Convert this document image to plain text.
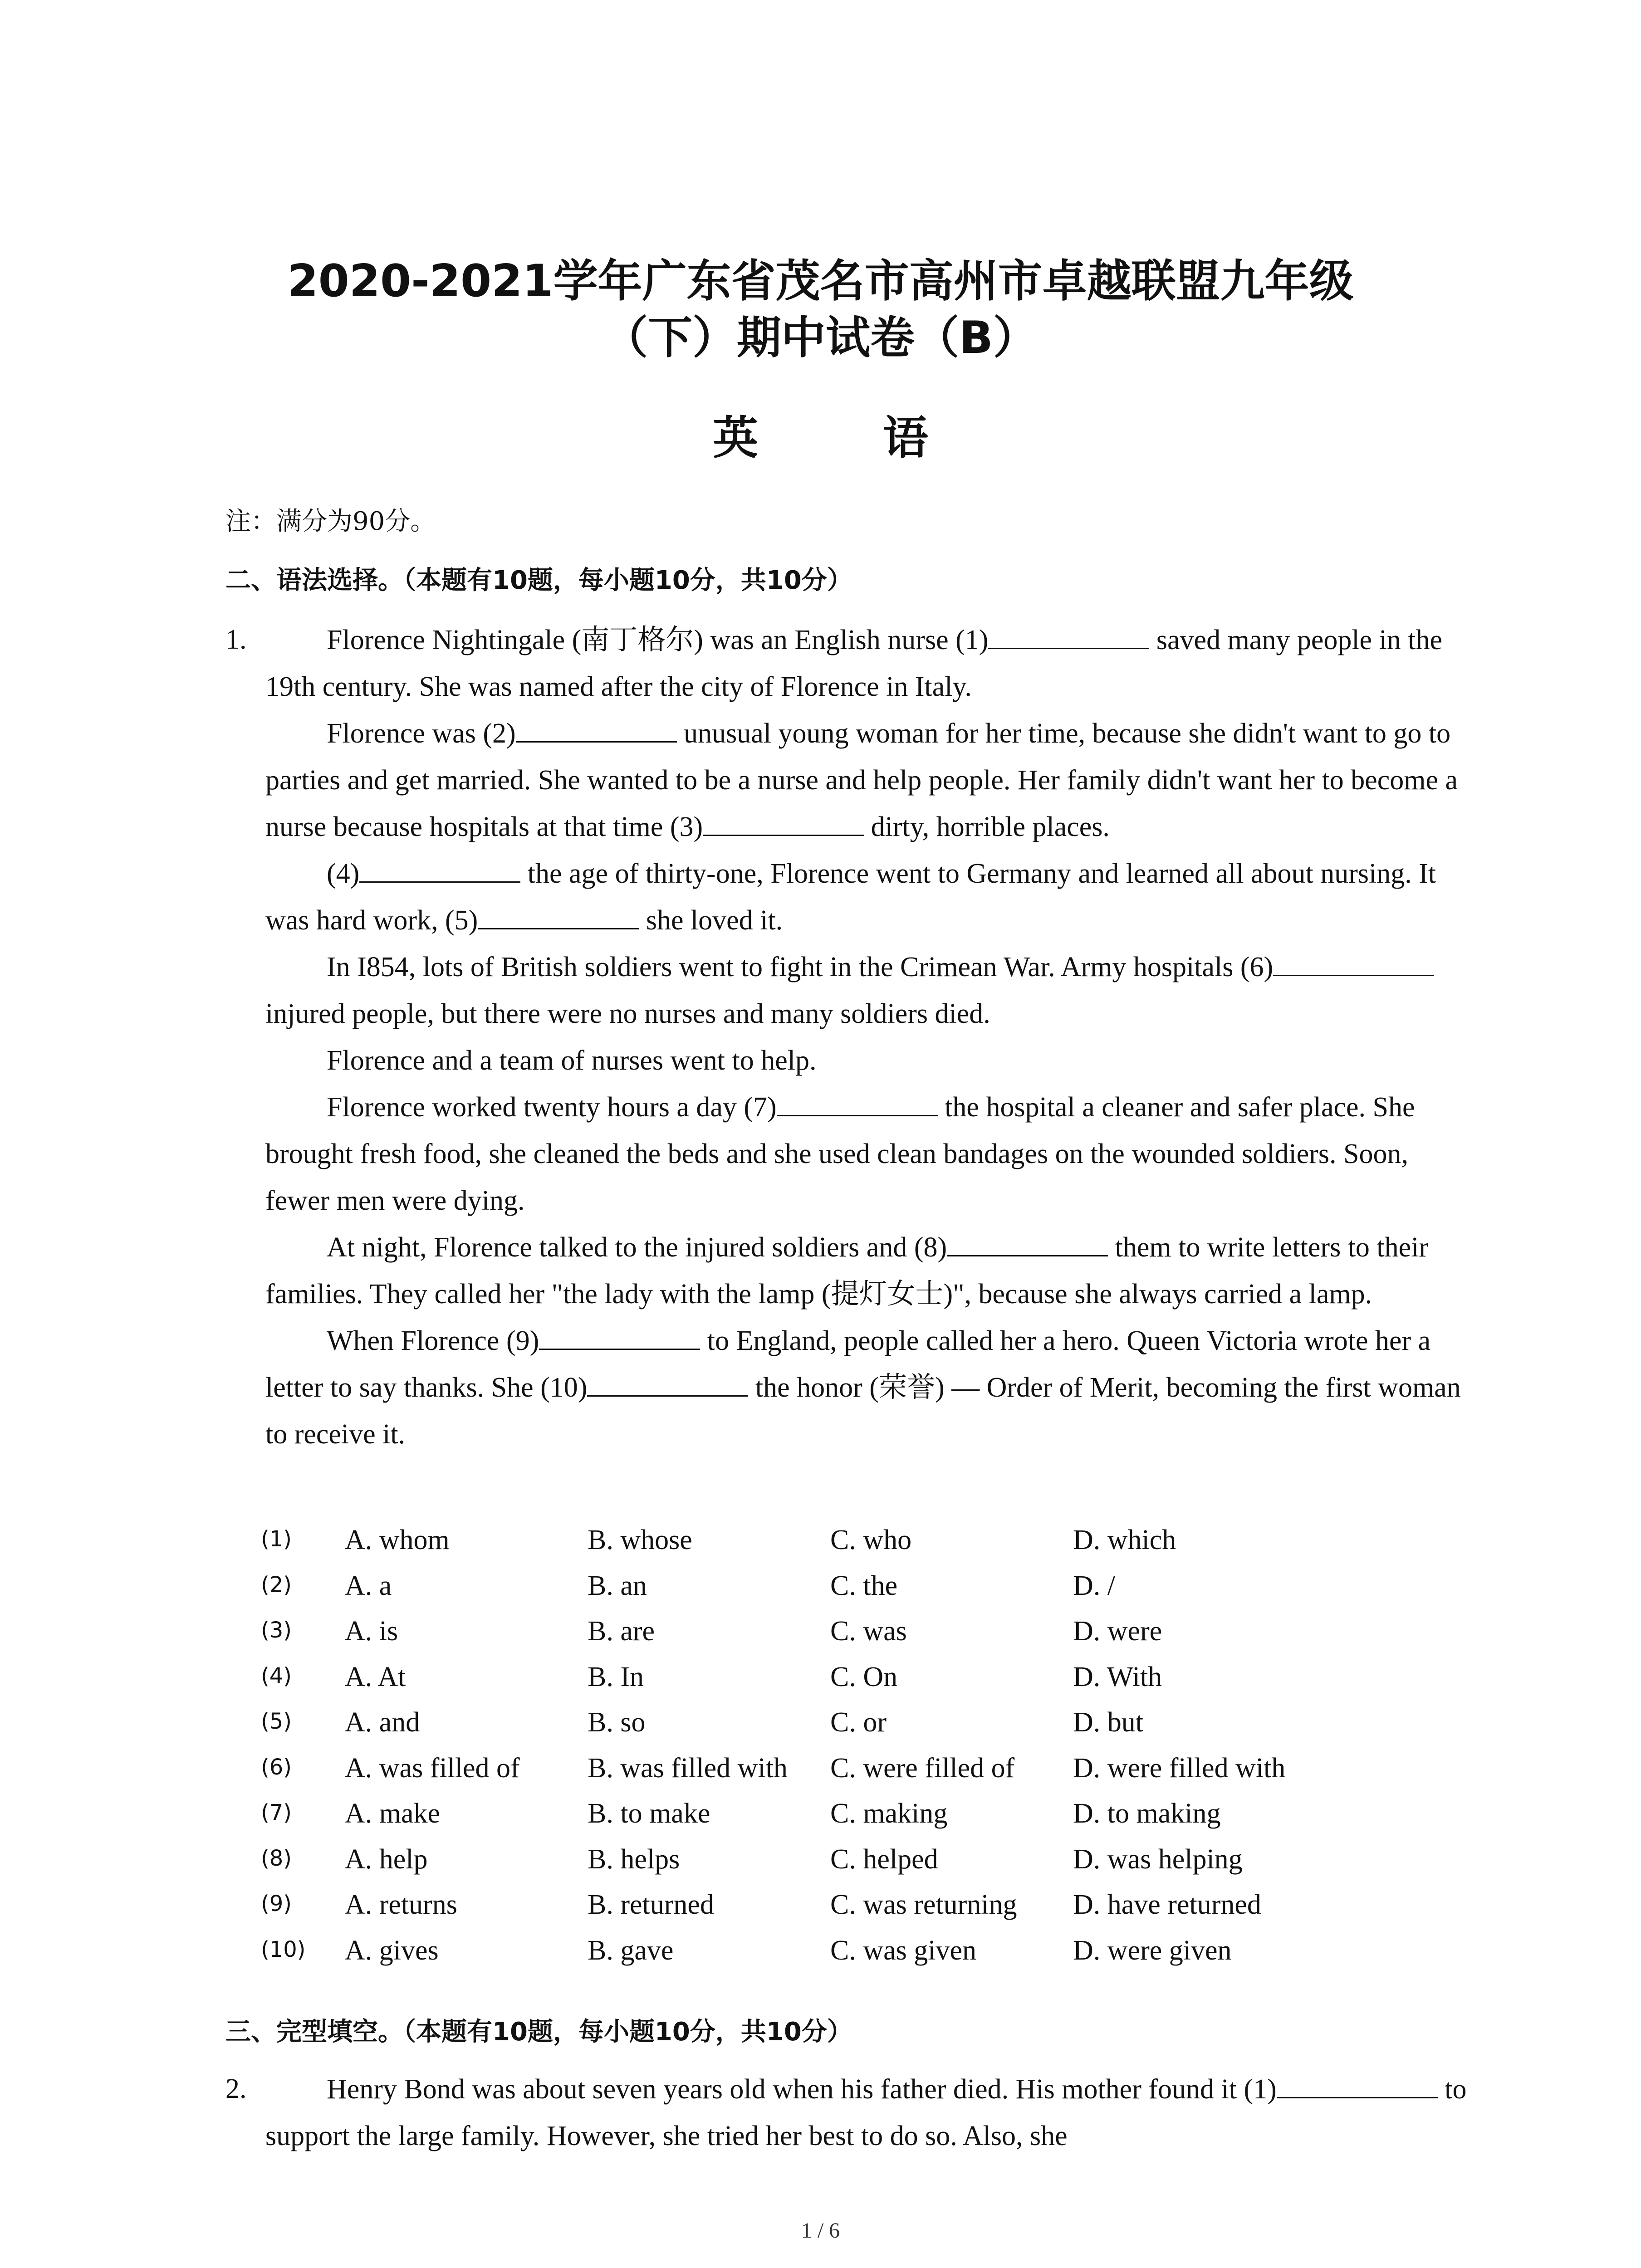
2020-2021学年广东省茂名市高州市卓越联盟九年级
（下）期中试卷（B）
英 语
注：满分为90分。
二、语法选择。（本题有10题，每小题10分，共10分）
1.	Florence Nightingale (南丁格尔) was an English nurse (1)	saved many people in the 19th century. She was named after the city of Florence in Italy.

Florence was (2)	unusual young woman for her time, because she didn't want to go to parties and get married. She wanted to be a nurse and help people. Her family didn't want her to become a nurse because hospitals at that time (3)	dirty, horrible places.

(4)	the age of thirty-one, Florence went to Germany and learned all about nursing. It was hard work, (5)	she loved it.

In I854, lots of British soldiers went to fight in the Crimean War. Army hospitals (6) injured people, but there were no nurses and many soldiers died.

Florence and a team of nurses went to help.

Florence worked twenty hours a day (7)	the hospital a cleaner and safer place. She brought fresh food, she cleaned the beds and she used clean bandages on the wounded soldiers. Soon, fewer men were dying.

At night, Florence talked to the injured soldiers and (8)	them to write letters to their families. They called her "the lady with the lamp (提灯女士)", because she always carried a lamp.

When Florence (9)	to England, people called her a hero. Queen Victoria wrote her a letter to say thanks. She (10)	the honor (荣誉) — Order of Merit, becoming the first woman to receive it.

(1)	A. whom	B. whose	C. who	D. which
(2)	A. a	B. an	C. the	D. /
(3)	A. is	B. are	C. was	D. were
(4)	A. At	B. In	C. On	D. With
(5)	A. and	B. so	C. or	D. but
(6)	A. was filled of B. was filled with C. were filled of D. were filled with
(7)	A. make	B. to make	C. making	D. to making
(8)	A. help	B. helps	C. helped	D. was helping
(9)	A. returns	B. returned	C. was returning D. have returned
(10)	A. gives	B. gave	C. was given	D. were given
三、完型填空。（本题有10题，每小题10分，共10分）
2.	Henry Bond was about seven years old when his father died. His mother found it (1)	to support the large family. However, she tried her best to do so. Also, she

1 / 6
